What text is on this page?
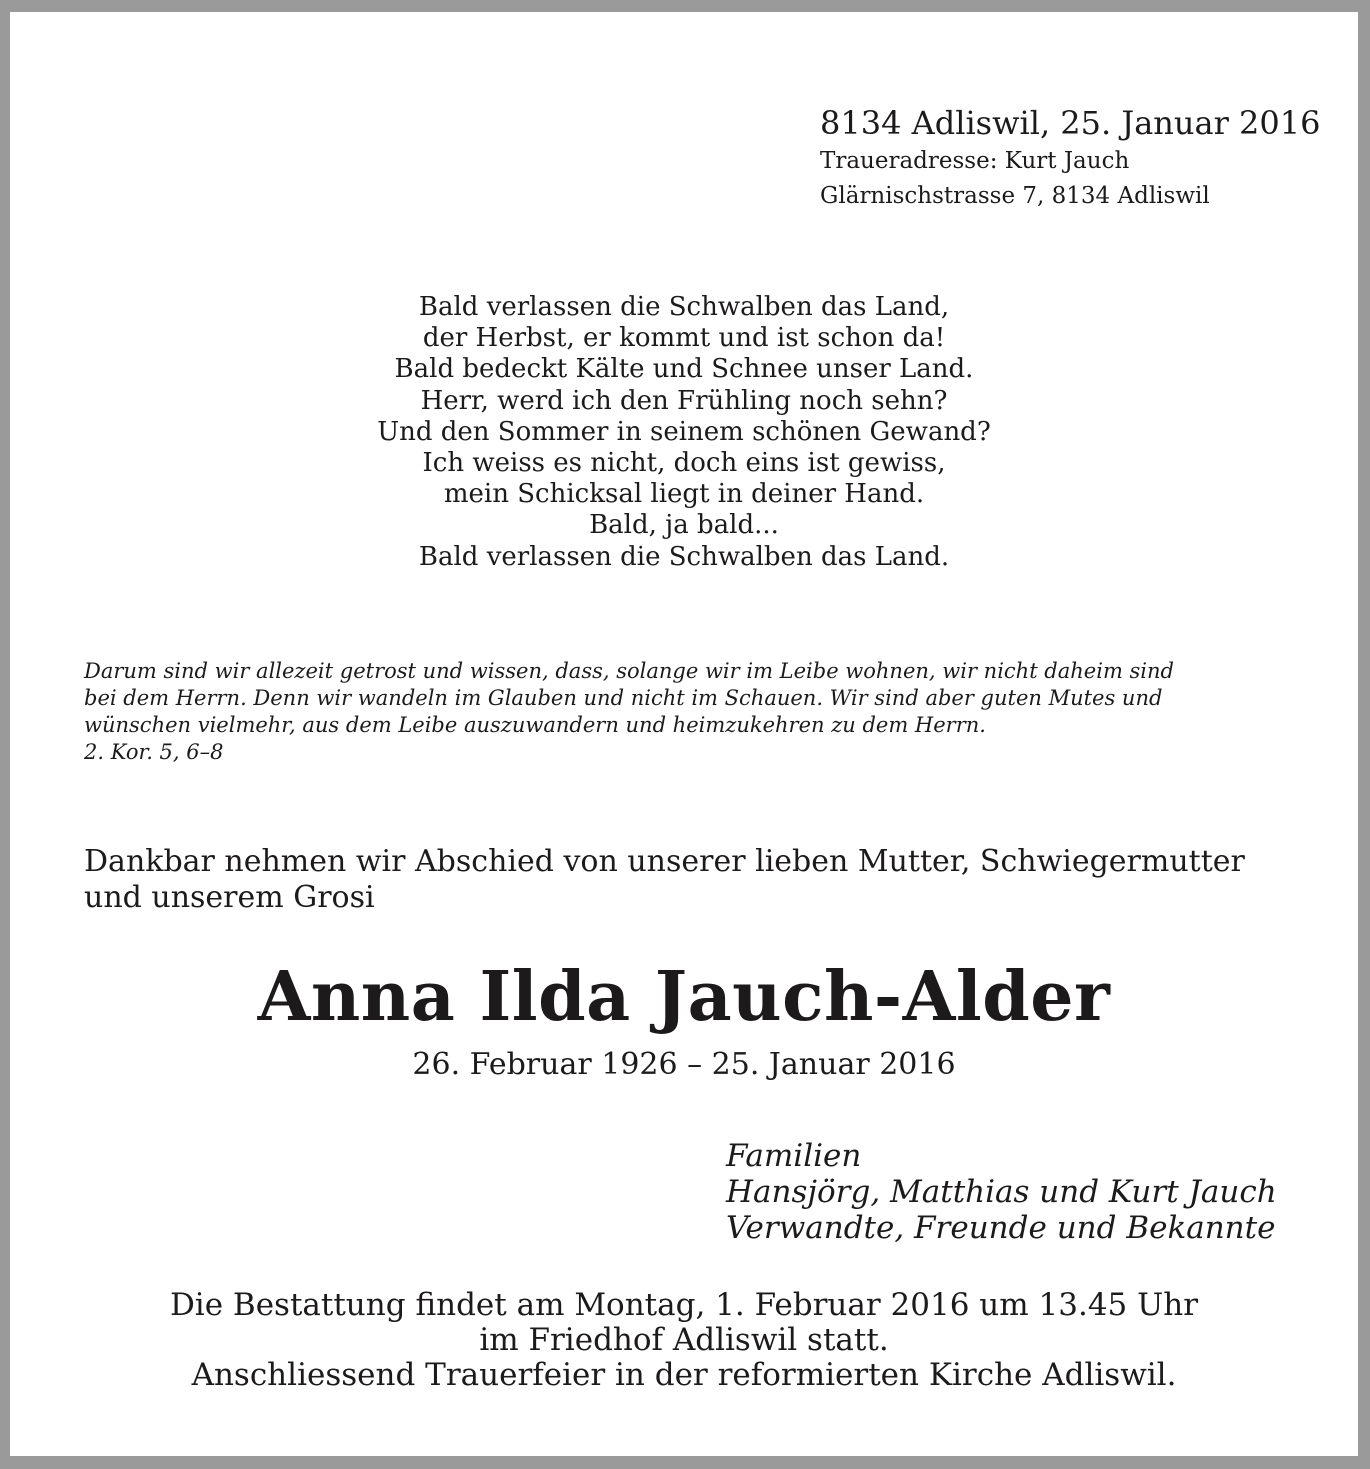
8134 Adliswil, 25. Januar 2016
Traueradresse: Kurt Jauch
Glärnischstrasse 7, 8134 Adliswil
Bald verlassen die Schwalben das Land,
der Herbst, er kommt und ist schon da!
Bald bedeckt Kälte und Schnee unser Land.
Herr, werd ich den Frühling noch sehn?
Und den Sommer in seinem schönen Gewand?
Ich weiss es nicht, doch eins ist gewiss,
mein Schicksal liegt in deiner Hand.
Bald, ja bald...
Bald verlassen die Schwalben das Land.
Darum sind wir allezeit getrost und wissen, dass, solange wir im Leibe wohnen, wir nicht daheim sind
bei dem Herrn. Denn wir wandeln im Glauben und nicht im Schauen. Wir sind aber guten Mutes und
wünschen vielmehr, aus dem Leibe auszuwandern und heimzukehren zu dem Herrn.
2. Kor. 5, 6–8
Dankbar nehmen wir Abschied von unserer lieben Mutter, Schwiegermutter
und unserem Grosi
Anna Ilda Jauch-Alder
26. Februar 1926 – 25. Januar 2016
Familien
Hansjörg, Matthias und Kurt Jauch
Verwandte, Freunde und Bekannte
Die Bestattung findet am Montag, 1. Februar 2016 um 13.45 Uhr
im Friedhof Adliswil statt.
Anschliessend Trauerfeier in der reformierten Kirche Adliswil.
